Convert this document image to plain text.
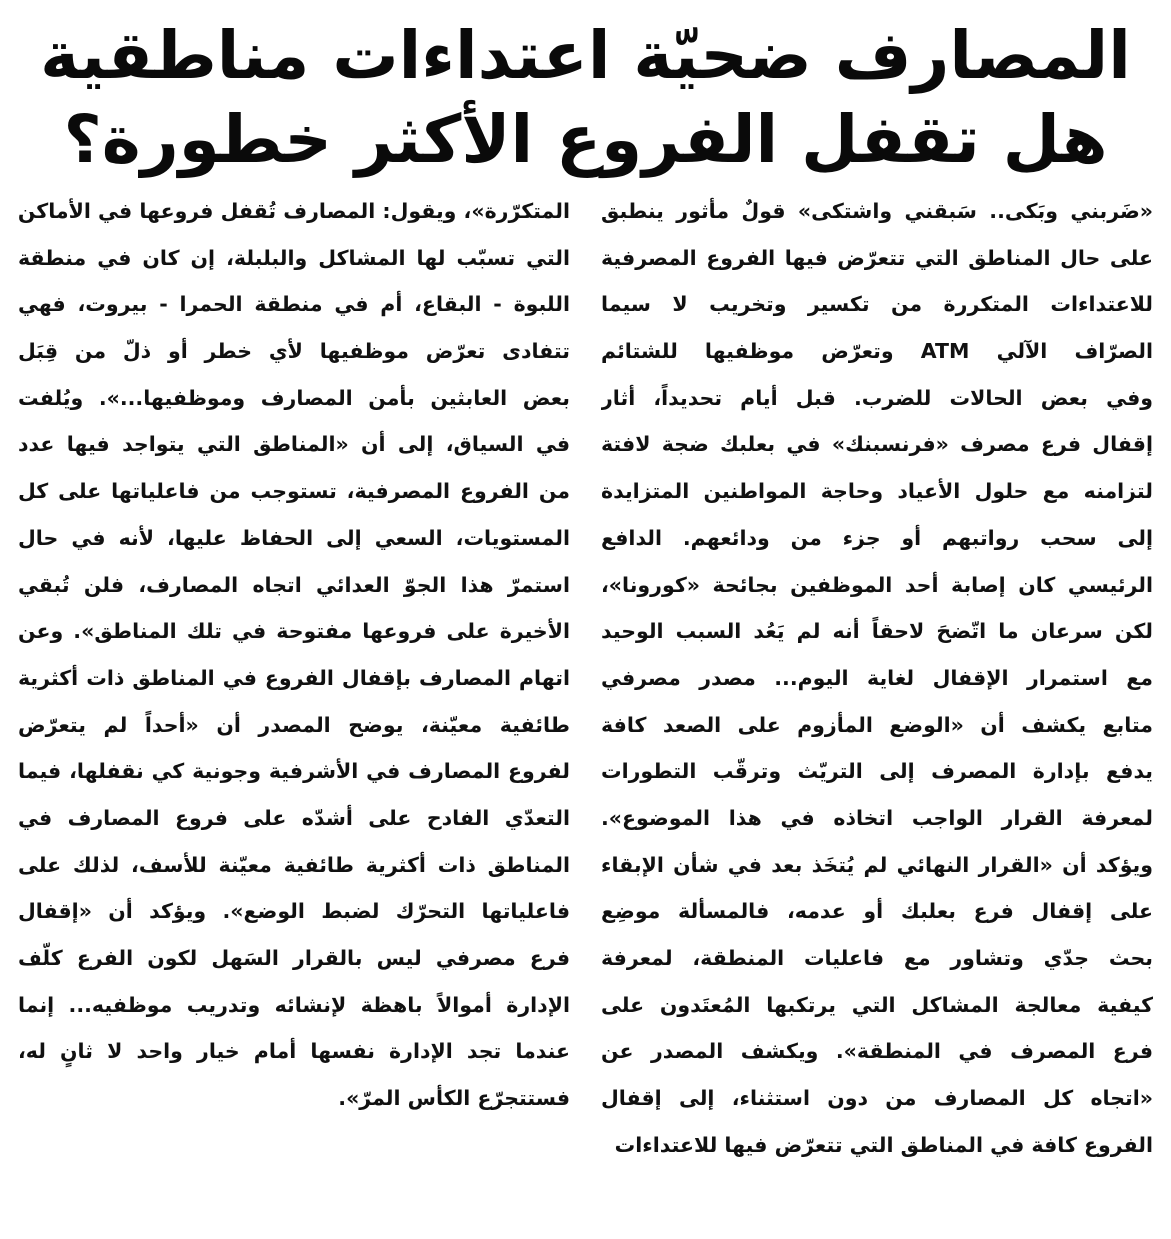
المصارف ضحيّة اعتداءات مناطقية
هل تقفل الفروع الأكثر خطورة؟
«ضَربني وبَكى.. سَبقني واشتكى» قولٌ مأثور ينطبق
على حال المناطق التي تتعرّض فيها الفروع المصرفية
للاعتداءات المتكررة من تكسير وتخريب لا سيما
الصرّاف الآلي ATM وتعرّض موظفيها للشتائم
وفي بعض الحالات للضرب. قبل أيام تحديداً، أثار
إقفال فرع مصرف «فرنسبنك» في بعلبك ضجة لافتة
لتزامنه مع حلول الأعياد وحاجة المواطنين المتزايدة
إلى سحب رواتبهم أو جزء من ودائعهم. الدافع
الرئيسي كان إصابة أحد الموظفين بجائحة «كورونا»،
لكن سرعان ما اتّضحَ لاحقاً أنه لم يَعُد السبب الوحيد
مع استمرار الإقفال لغاية اليوم... مصدر مصرفي
متابع يكشف أن «الوضع المأزوم على الصعد كافة
يدفع بإدارة المصرف إلى التريّث وترقّب التطورات
لمعرفة القرار الواجب اتخاذه في هذا الموضوع».
ويؤكد أن «القرار النهائي لم يُتخَذ بعد في شأن الإبقاء
على إقفال فرع بعلبك أو عدمه، فالمسألة موضِع
بحث جدّي وتشاور مع فاعليات المنطقة، لمعرفة
كيفية معالجة المشاكل التي يرتكبها المُعتَدون على
فرع المصرف في المنطقة». ويكشف المصدر عن
«اتجاه كل المصارف من دون استثناء، إلى إقفال
الفروع كافة في المناطق التي تتعرّض فيها للاعتداءات
المتكرّرة»، ويقول: المصارف تُقفل فروعها في الأماكن
التي تسبّب لها المشاكل والبلبلة، إن كان في منطقة
اللبوة - البقاع، أم في منطقة الحمرا - بيروت، فهي
تتفادى تعرّض موظفيها لأي خطر أو ذلّ من قِبَل
بعض العابثين بأمن المصارف وموظفيها...». ويُلفت
في السياق، إلى أن «المناطق التي يتواجد فيها عدد
من الفروع المصرفية، تستوجب من فاعلياتها على كل
المستويات، السعي إلى الحفاظ عليها، لأنه في حال
استمرّ هذا الجوّ العدائي اتجاه المصارف، فلن تُبقي
الأخيرة على فروعها مفتوحة في تلك المناطق». وعن
اتهام المصارف بإقفال الفروع في المناطق ذات أكثرية
طائفية معيّنة، يوضح المصدر أن «أحداً لم يتعرّض
لفروع المصارف في الأشرفية وجونية كي نقفلها، فيما
التعدّي الفادح على أشدّه على فروع المصارف في
المناطق ذات أكثرية طائفية معيّنة للأسف، لذلك على
فاعلياتها التحرّك لضبط الوضع». ويؤكد أن «إقفال
فرع مصرفي ليس بالقرار السَهل لكون الفرع كلّف
الإدارة أموالاً باهظة لإنشائه وتدريب موظفيه... إنما
عندما تجد الإدارة نفسها أمام خيار واحد لا ثانٍ له،
فستتجرّع الكأس المرّ».
